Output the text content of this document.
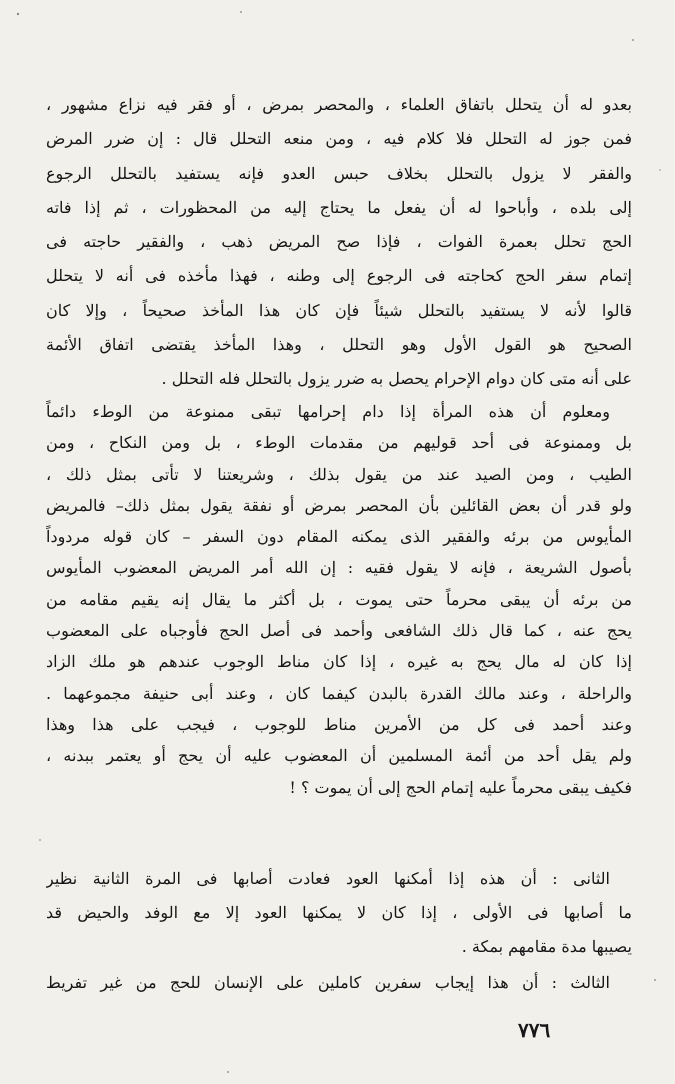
بعدو له أن يتحلل باتفاق العلماء ، والمحصر بمرض ، أو فقر فيه نزاع مشهور ،
فمن جوز له التحلل فلا كلام فيه ، ومن منعه التحلل قال : إن ضرر المرض
والفقر لا يزول بالتحلل بخلاف حبس العدو فإنه يستفيد بالتحلل الرجوع
إلى بلده ، وأباحوا له أن يفعل ما يحتاج إليه من المحظورات ، ثم إذا فاته
الحج تحلل بعمرة الفوات ، فإذا صح المريض ذهب ، والفقير حاجته فى
إتمام سفر الحج كحاجته فى الرجوع إلى وطنه ، فهذا مأخذه فى أنه لا يتحلل
قالوا لأنه لا يستفيد بالتحلل شيئاً فإن كان هذا المأخذ صحيحاً ، وإلا كان
الصحيح هو القول الأول وهو التحلل ، وهذا المأخذ يقتضى اتفاق الأئمة
على أنه متى كان دوام الإحرام يحصل به ضرر يزول بالتحلل فله التحلل .
ومعلوم أن هذه المرأة إذا دام إحرامها تبقى ممنوعة من الوطء دائماً
بل وممنوعة فى أحد قوليهم من مقدمات الوطء ، بل ومن النكاح ، ومن
الطيب ، ومن الصيد عند من يقول بذلك ، وشريعتنا لا تأتى بمثل ذلك ،
ولو قدر أن بعض القائلين بأن المحصر بمرض أو نفقة يقول بمثل ذلك– فالمريض
المأيوس من برئه والفقير الذى يمكنه المقام دون السفر – كان قوله مردوداً
بأصول الشريعة ، فإنه لا يقول فقيه : إن الله أمر المريض المعضوب المأيوس
من برئه أن يبقى محرماً حتى يموت ، بل أكثر ما يقال إنه يقيم مقامه من
يحج عنه ، كما قال ذلك الشافعى وأحمد فى أصل الحج فأوجباه على المعضوب
إذا كان له مال يحج به غيره ، إذا كان مناط الوجوب عندهم هو ملك الزاد
والراحلة ، وعند مالك القدرة بالبدن كيفما كان ، وعند أبى حنيفة مجموعهما .
وعند أحمد فى كل من الأمرين مناط للوجوب ، فيجب على هذا وهذا
ولم يقل أحد من أئمة المسلمين أن المعضوب عليه أن يحج أو يعتمر ببدنه ،
فكيف يبقى محرماً عليه إتمام الحج إلى أن يموت ؟ !
الثانى : أن هذه إذا أمكنها العود فعادت أصابها فى المرة الثانية نظير
ما أصابها فى الأولى ، إذا كان لا يمكنها العود إلا مع الوفد والحيض قد
يصيبها مدة مقامهم بمكة .
الثالث : أن هذا إيجاب سفرين كاملين على الإنسان للحج من غير تفريط
٧٧٦
